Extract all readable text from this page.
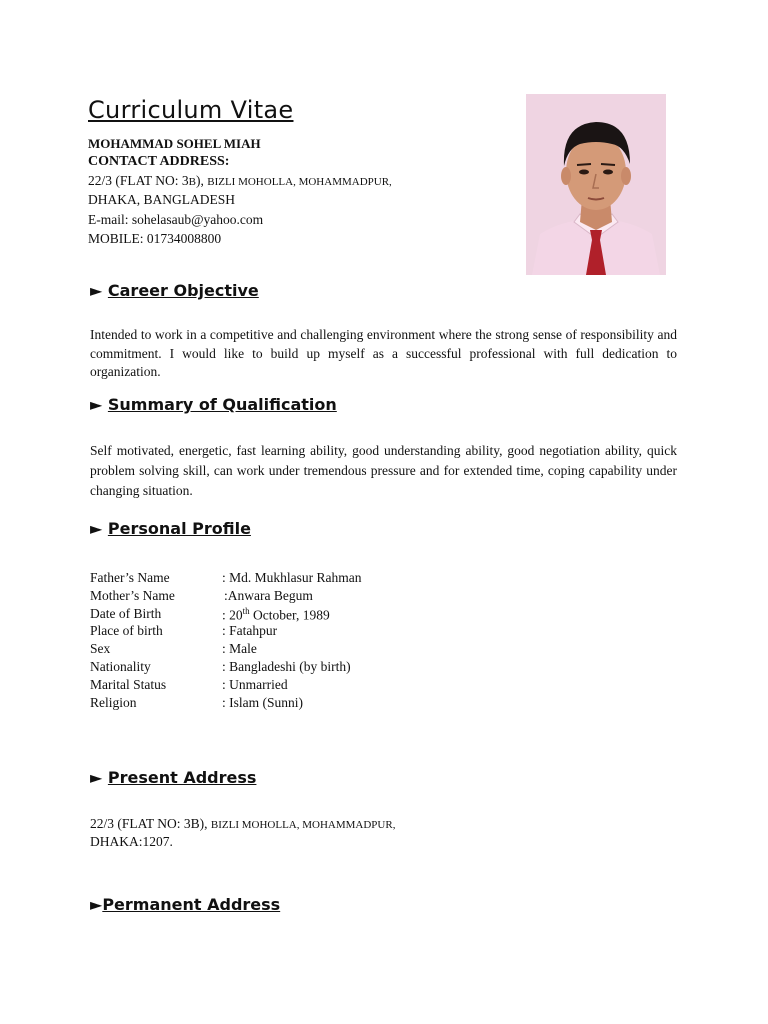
Curriculum Vitae
MOHAMMAD SOHEL MIAH
CONTACT ADDRESS:
22/3 (FLAT NO: 3B), BIZLI MOHOLLA, MOHAMMADPUR,
DHAKA, BANGLADESH
E-mail: sohelasaub@yahoo.com
MOBILE: 01734008800
► Career Objective

Intended to work in a competitive and challenging environment where the strong sense of responsibility and commitment. I would like to build up myself as a successful professional with full dedication to organization.

► Summary of Qualification

Self motivated, energetic, fast learning ability, good understanding ability, good negotiation ability, quick problem solving skill, can work under tremendous pressure and for extended time, coping capability under changing situation.

► Personal Profile
Father’s Name	: Md. Mukhlasur Rahman
Mother’s Name	:Anwara Begum
Date of Birth	: 20th October, 1989
Place of birth	: Fatahpur
Sex	: Male
Nationality	: Bangladeshi (by birth)
Marital Status	: Unmarried
Religion	: Islam (Sunni)
► Present Address
22/3 (FLAT NO: 3B), BIZLI MOHOLLA, MOHAMMADPUR,
DHAKA:1207.
►Permanent Address
